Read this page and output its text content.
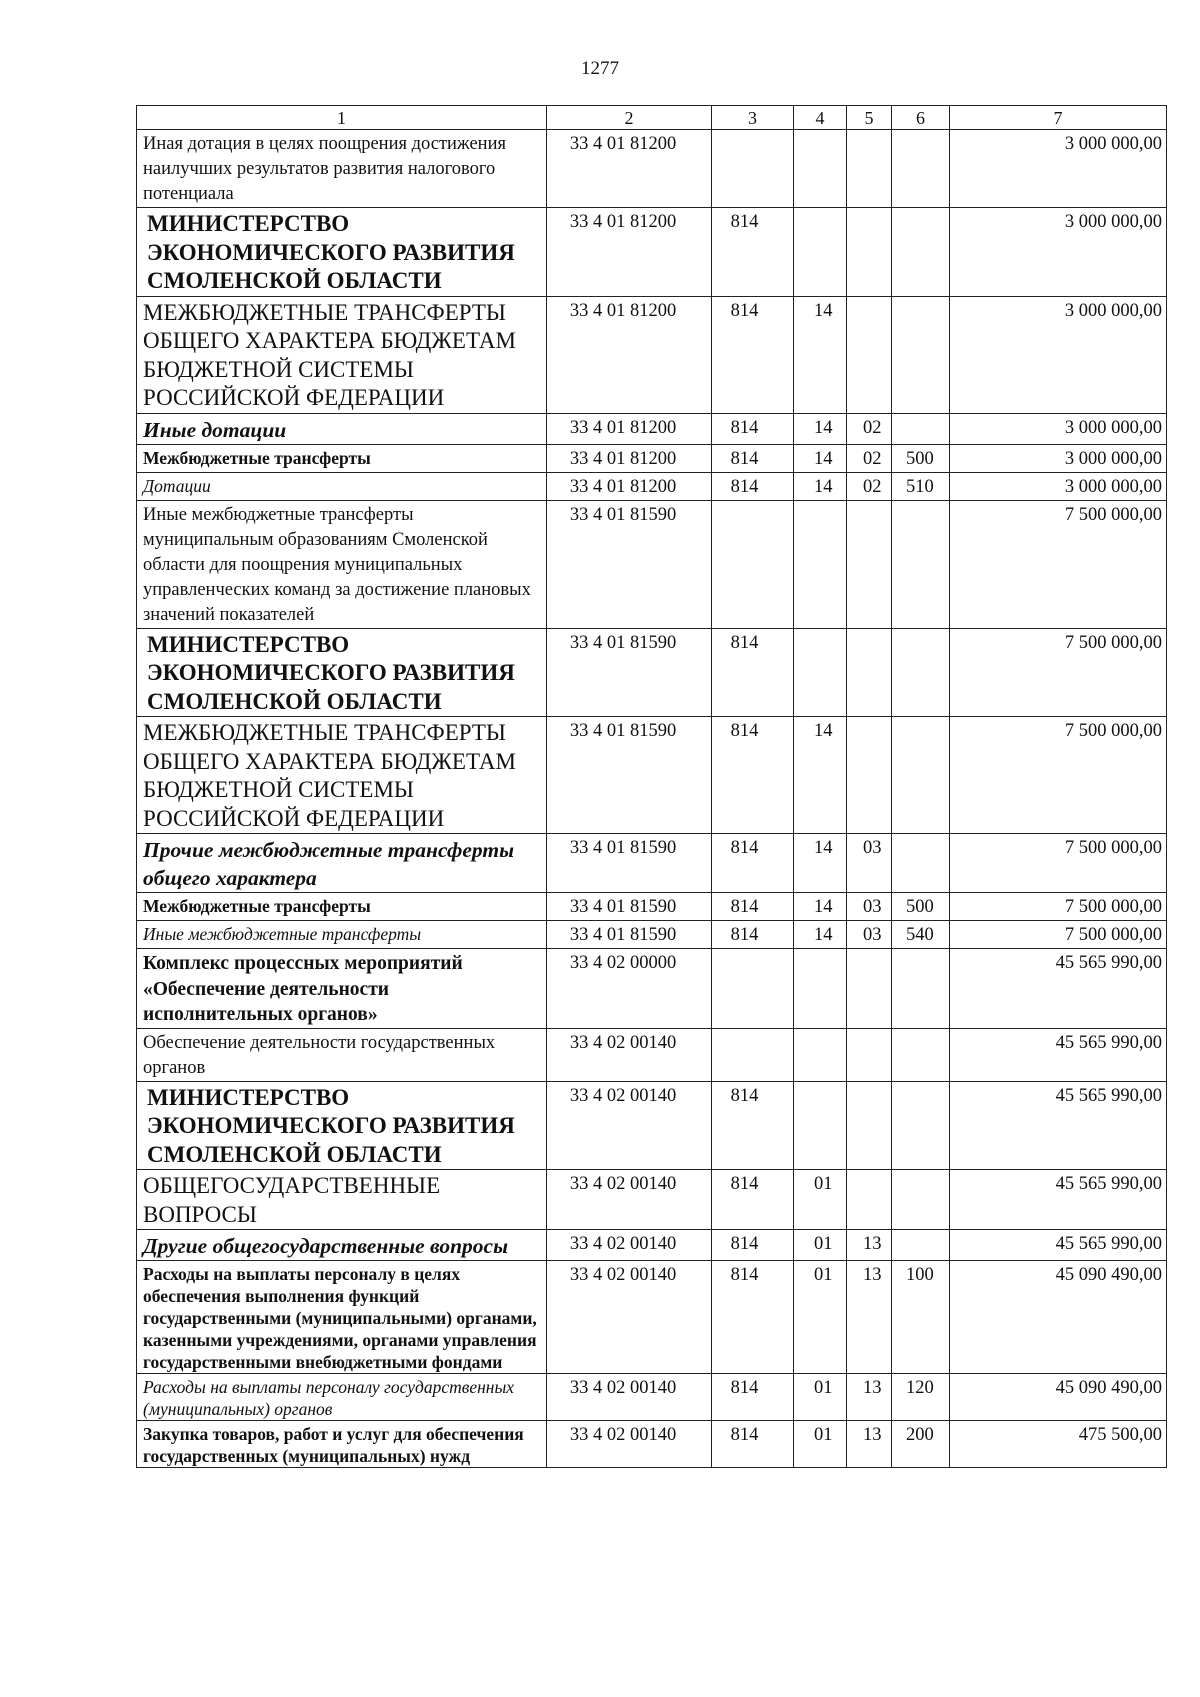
1277
1	2	3	4	5	6	7
Иная дотация в целях поощрения достижения наилучших результатов развития налогового потенциала	33 4 01 81200					3 000 000,00
МИНИСТЕРСТВО ЭКОНОМИЧЕСКОГО РАЗВИТИЯ СМОЛЕНСКОЙ ОБЛАСТИ	33 4 01 81200	814				3 000 000,00
МЕЖБЮДЖЕТНЫЕ ТРАНСФЕРТЫ ОБЩЕГО ХАРАКТЕРА БЮДЖЕТАМ БЮДЖЕТНОЙ СИСТЕМЫ РОССИЙСКОЙ ФЕДЕРАЦИИ	33 4 01 81200	814	14			3 000 000,00
Иные дотации	33 4 01 81200	814	14	02		3 000 000,00
Межбюджетные трансферты	33 4 01 81200	814	14	02	500	3 000 000,00
Дотации	33 4 01 81200	814	14	02	510	3 000 000,00
Иные межбюджетные трансферты муниципальным образованиям Смоленской области для поощрения муниципальных управленческих команд за достижение плановых значений показателей	33 4 01 81590					7 500 000,00
МИНИСТЕРСТВО ЭКОНОМИЧЕСКОГО РАЗВИТИЯ СМОЛЕНСКОЙ ОБЛАСТИ	33 4 01 81590	814				7 500 000,00
МЕЖБЮДЖЕТНЫЕ ТРАНСФЕРТЫ ОБЩЕГО ХАРАКТЕРА БЮДЖЕТАМ БЮДЖЕТНОЙ СИСТЕМЫ РОССИЙСКОЙ ФЕДЕРАЦИИ	33 4 01 81590	814	14			7 500 000,00
Прочие межбюджетные трансферты общего характера	33 4 01 81590	814	14	03		7 500 000,00
Межбюджетные трансферты	33 4 01 81590	814	14	03	500	7 500 000,00
Иные межбюджетные трансферты	33 4 01 81590	814	14	03	540	7 500 000,00
Комплекс процессных мероприятий «Обеспечение деятельности исполнительных органов»	33 4 02 00000					45 565 990,00
Обеспечение деятельности государственных органов	33 4 02 00140					45 565 990,00
МИНИСТЕРСТВО ЭКОНОМИЧЕСКОГО РАЗВИТИЯ СМОЛЕНСКОЙ ОБЛАСТИ	33 4 02 00140	814				45 565 990,00
ОБЩЕГОСУДАРСТВЕННЫЕ ВОПРОСЫ	33 4 02 00140	814	01			45 565 990,00
Другие общегосударственные вопросы	33 4 02 00140	814	01	13		45 565 990,00
Расходы на выплаты персоналу в целях обеспечения выполнения функций государственными (муниципальными) органами, казенными учреждениями, органами управления государственными внебюджетными фондами	33 4 02 00140	814	01	13	100	45 090 490,00
Расходы на выплаты персоналу государственных (муниципальных) органов	33 4 02 00140	814	01	13	120	45 090 490,00
Закупка товаров, работ и услуг для обеспечения государственных (муниципальных) нужд	33 4 02 00140	814	01	13	200	475 500,00
